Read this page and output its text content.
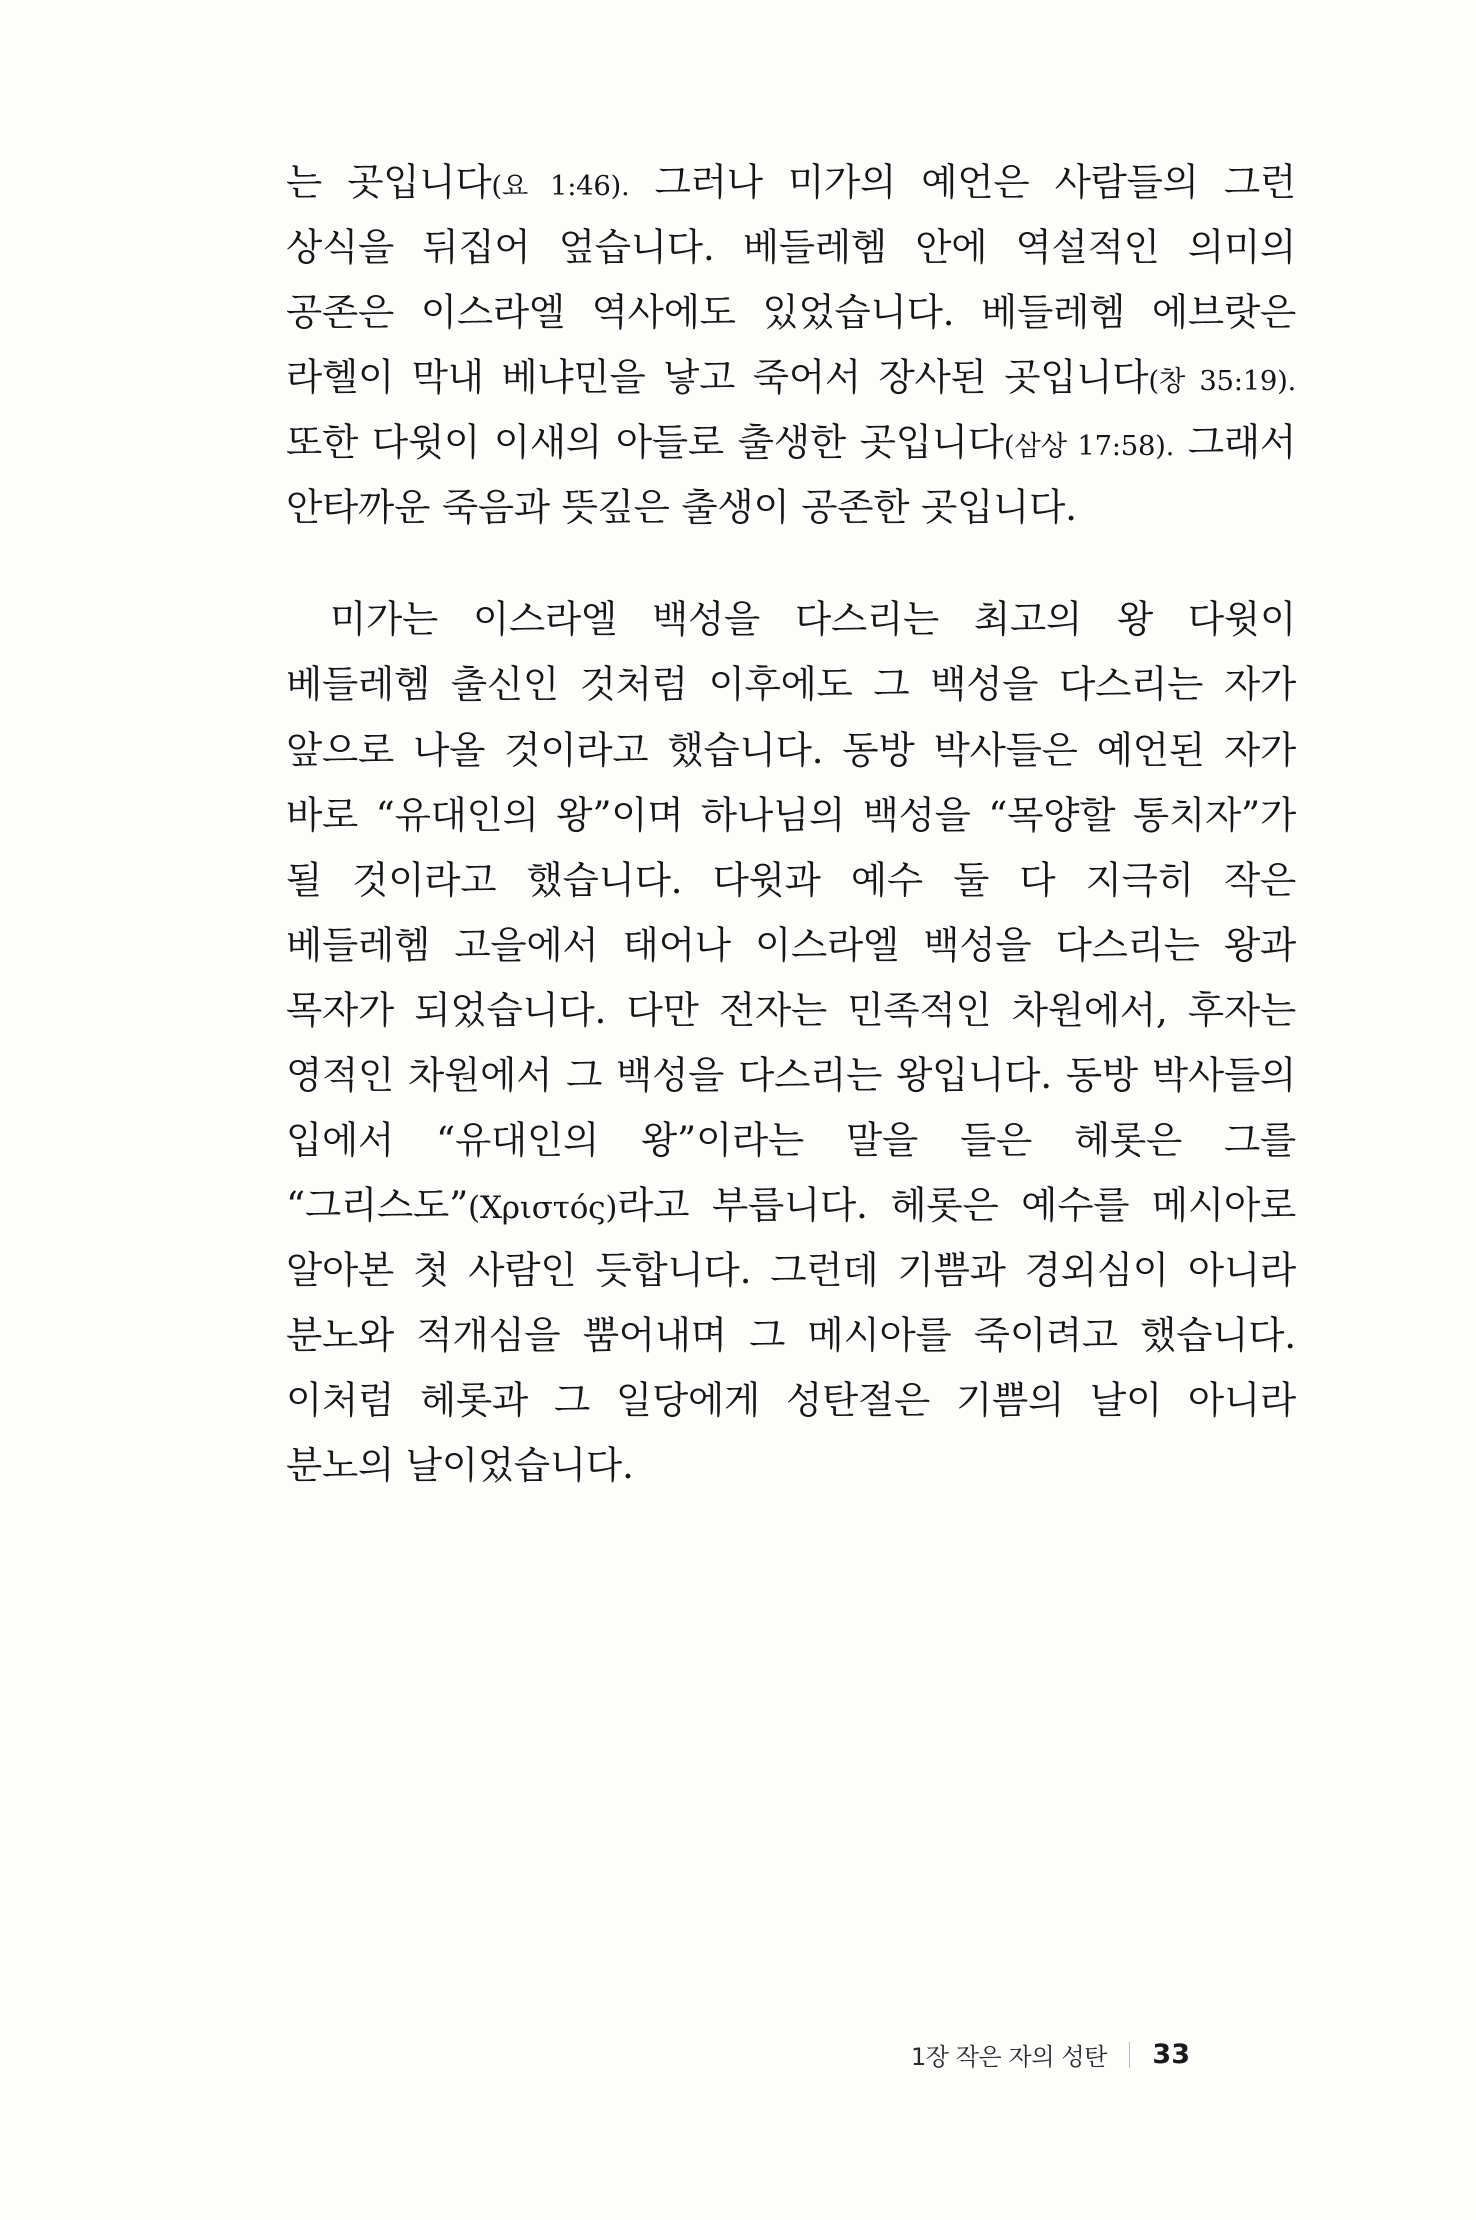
는 곳입니다(요 1:46). 그러나 미가의 예언은 사람들의 그런 상식을 뒤집어 엎습니다. 베들레헴 안에 역설적인 의미의 공존은 이스라엘 역사에도 있었습니다. 베들레헴 에브랏은 라헬이 막내 베냐민을 낳고 죽어서 장사된 곳입니다(창 35:19). 또한 다윗이 이새의 아들로 출생한 곳입니다(삼상 17:58). 그래서 안타까운 죽음과 뜻깊은 출생이 공존한 곳입니다.

미가는 이스라엘 백성을 다스리는 최고의 왕 다윗이 베들레헴 출신인 것처럼 이후에도 그 백성을 다스리는 자가 앞으로 나올 것이라고 했습니다. 동방 박사들은 예언된 자가 바로 “유대인의 왕”이며 하나님의 백성을 “목양할 통치자”가 될 것이라고 했습니다. 다윗과 예수 둘 다 지극히 작은 베들레헴 고을에서 태어나 이스라엘 백성을 다스리는 왕과 목자가 되었습니다. 다만 전자는 민족적인 차원에서, 후자는 영적인 차원에서 그 백성을 다스리는 왕입니다. 동방 박사들의 입에서 “유대인의 왕”이라는 말을 들은 헤롯은 그를 “그리스도”(Χριστός)라고 부릅니다. 헤롯은 예수를 메시아로 알아본 첫 사람인 듯합니다. 그런데 기쁨과 경외심이 아니라 분노와 적개심을 뿜어내며 그 메시아를 죽이려고 했습니다. 이처럼 헤롯과 그 일당에게 성탄절은 기쁨의 날이 아니라 분노의 날이었습니다.

1장 작은 자의 성탄 33
